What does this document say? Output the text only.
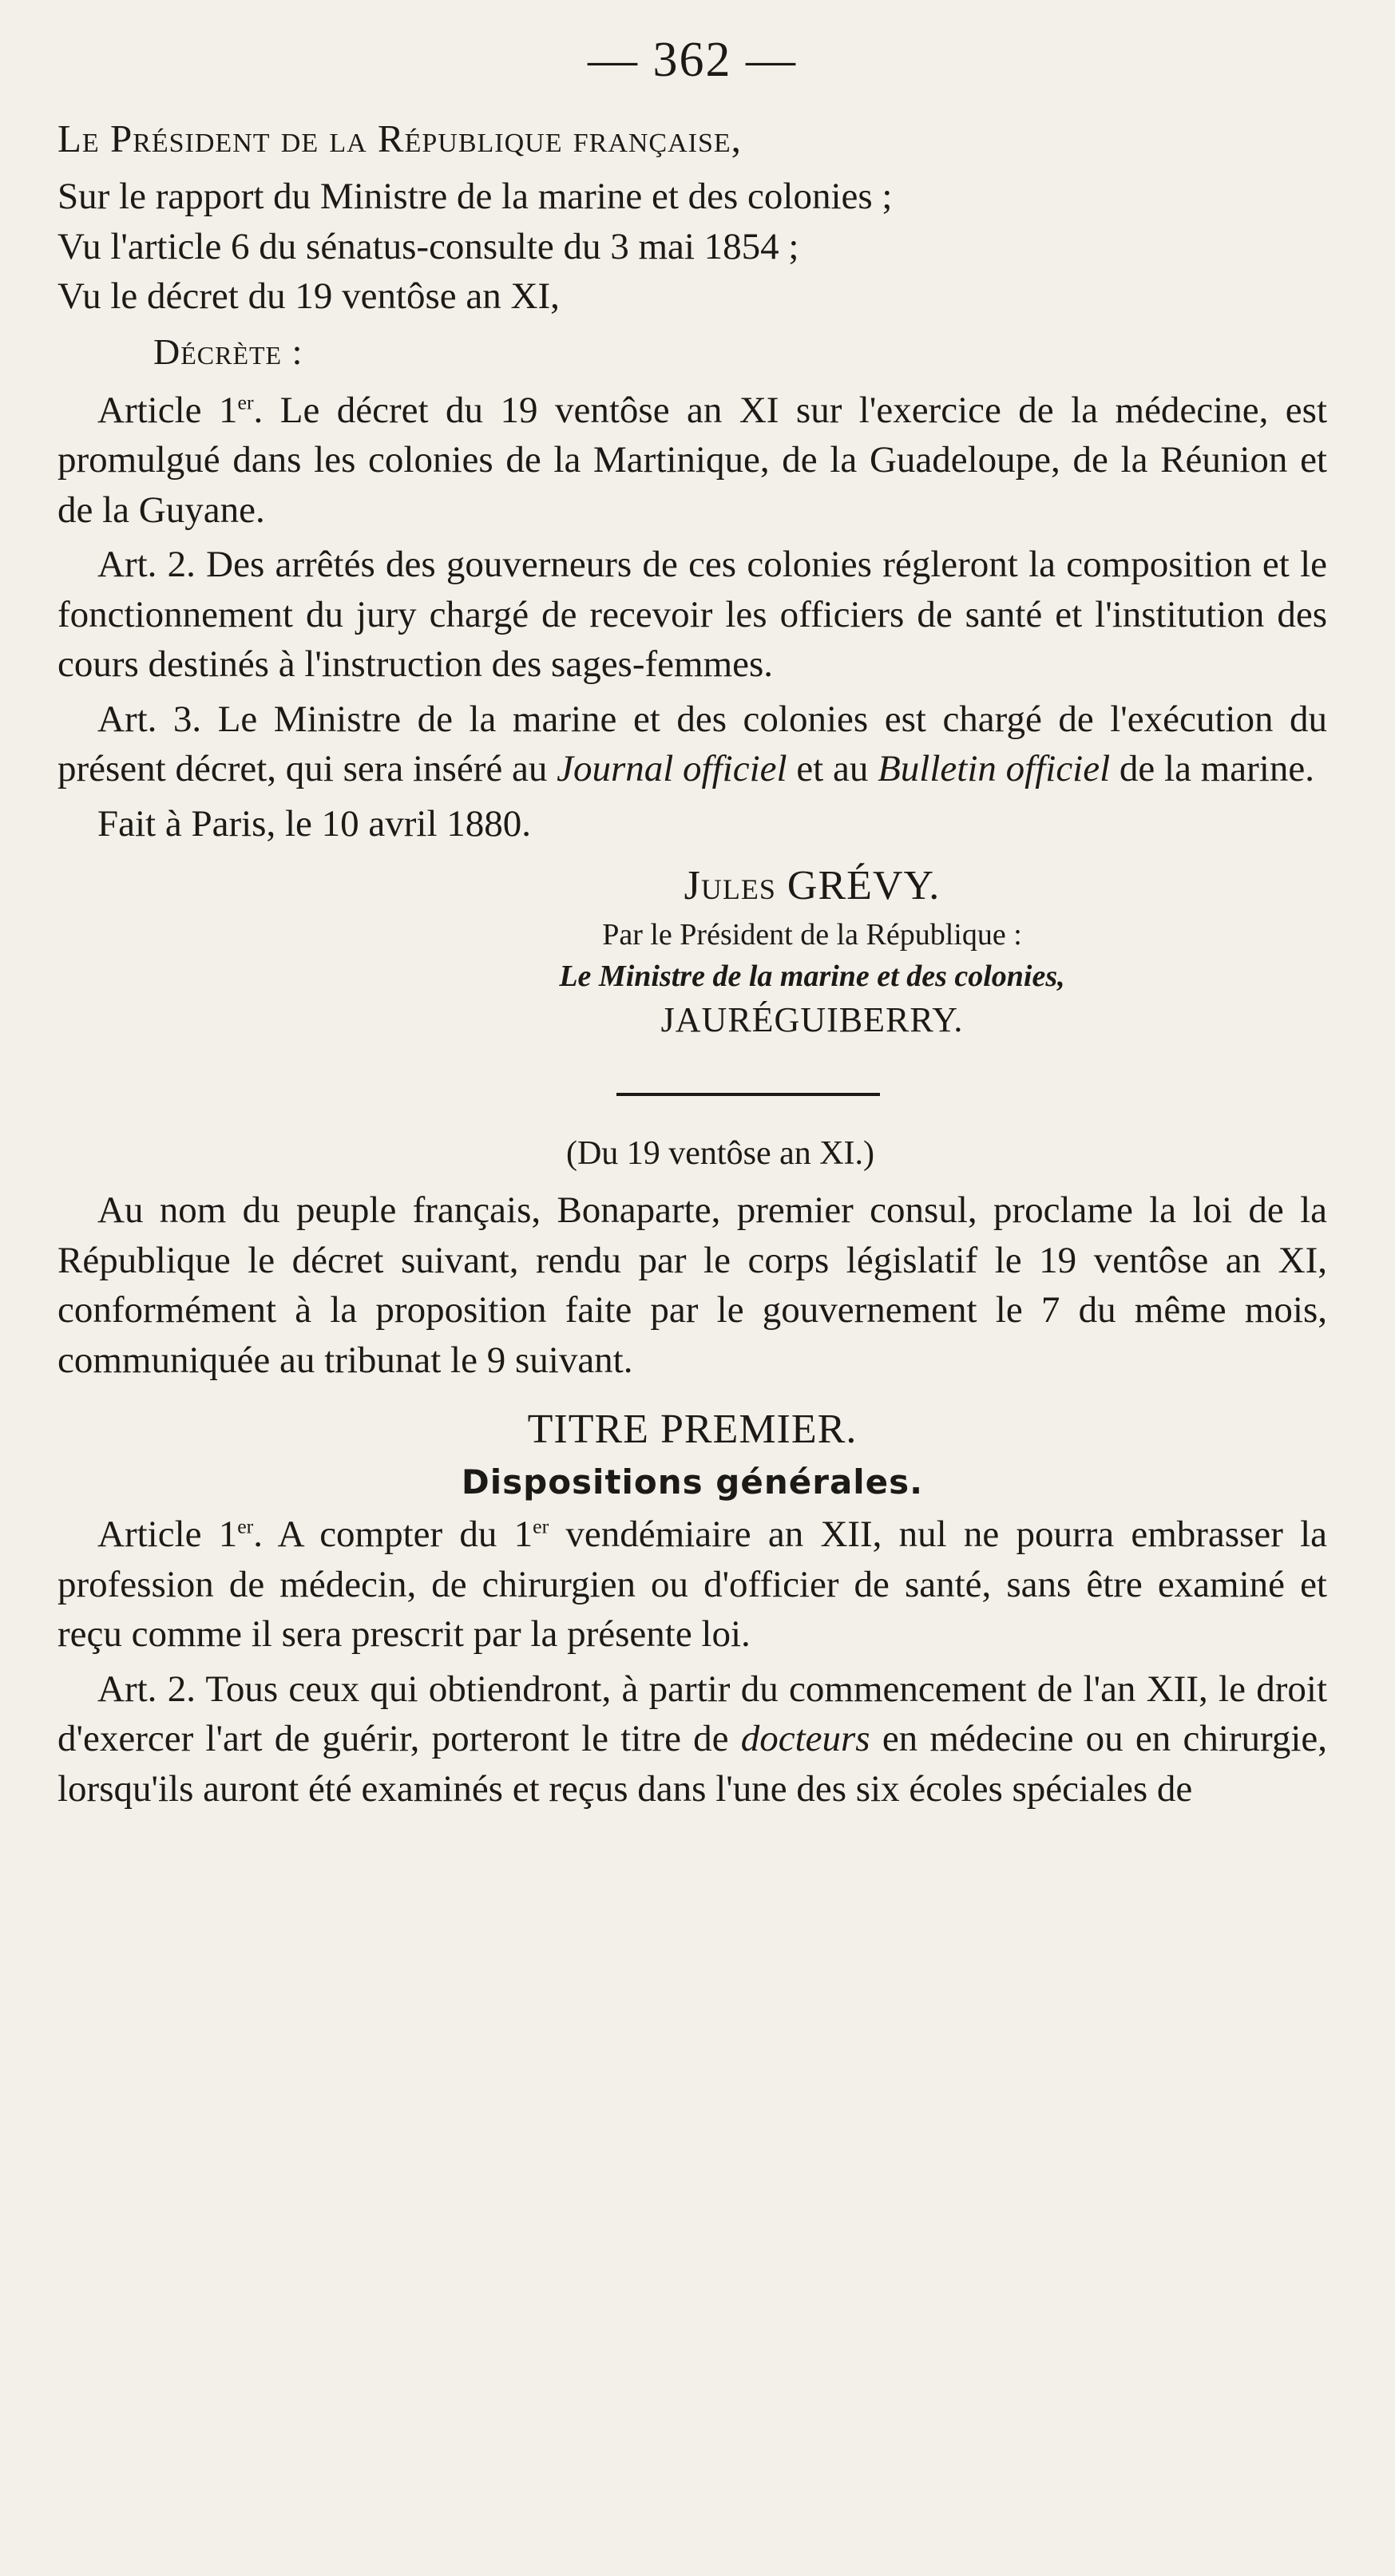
— 362 —

Le Président de la République française,

Sur le rapport du Ministre de la marine et des colonies ;

Vu l'article 6 du sénatus-consulte du 3 mai 1854 ;

Vu le décret du 19 ventôse an XI,

Décrète :

Article 1er. Le décret du 19 ventôse an XI sur l'exercice de la médecine, est promulgué dans les colonies de la Martinique, de la Guadeloupe, de la Réunion et de la Guyane.

Art. 2. Des arrêtés des gouverneurs de ces colonies régleront la composition et le fonctionnement du jury chargé de recevoir les officiers de santé et l'institution des cours destinés à l'instruction des sages-femmes.

Art. 3. Le Ministre de la marine et des colonies est chargé de l'exécution du présent décret, qui sera inséré au Journal officiel et au Bulletin officiel de la marine.

Fait à Paris, le 10 avril 1880.

Jules GRÉVY.

Par le Président de la République :

Le Ministre de la marine et des colonies,

JAURÉGUIBERRY.

(Du 19 ventôse an XI.)

Au nom du peuple français, Bonaparte, premier consul, proclame la loi de la République le décret suivant, rendu par le corps législatif le 19 ventôse an XI, conformément à la proposition faite par le gouvernement le 7 du même mois, communiquée au tribunat le 9 suivant.

TITRE PREMIER.

Dispositions générales.

Article 1er. A compter du 1er vendémiaire an XII, nul ne pourra embrasser la profession de médecin, de chirurgien ou d'officier de santé, sans être examiné et reçu comme il sera prescrit par la présente loi.

Art. 2. Tous ceux qui obtiendront, à partir du commencement de l'an XII, le droit d'exercer l'art de guérir, porteront le titre de docteurs en médecine ou en chirurgie, lorsqu'ils auront été examinés et reçus dans l'une des six écoles spéciales de
